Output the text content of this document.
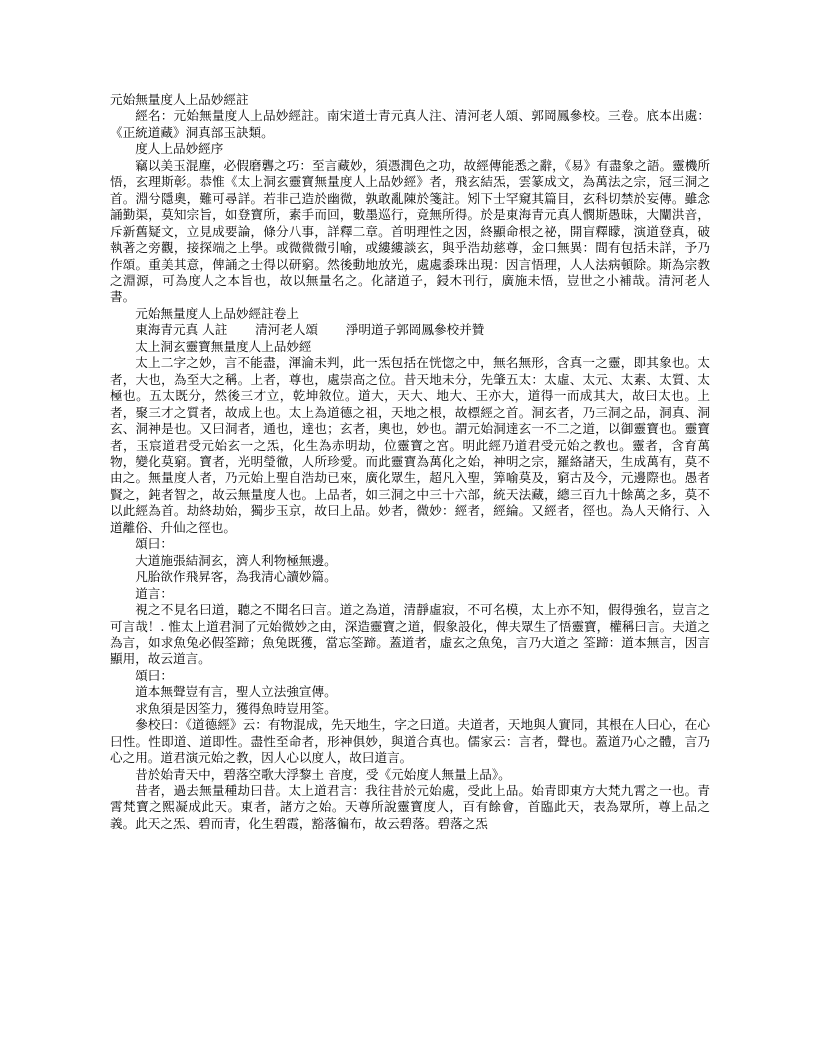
元始無量度人上品妙經註

經名：元始無量度人上品妙經註。南宋道士青元真人注、清河老人頌、郭岡鳳參校。三卷。底本出處：《正統道藏》洞真部玉訣類。

度人上品妙經序

竊以美玉混塵，必假磨礱之巧：至言藏妙，須憑潤色之功，故經傳能悉之辭，《易》有盡象之語。靈機所悟，玄理斯彰。恭惟《太上洞玄靈寶無量度人上品妙經》者，飛玄結炁，雲篆成文，為萬法之宗，冠三洞之首。淵兮隱奧，難可尋詳。若非己造於幽微，孰敢亂陳於箋註。矧下士罕窺其篇目，玄科切禁於妄傳。雖念誦勤渠，莫知宗旨，如登寶所，素手而回，數墨巡行，竟無所得。於是東海青元真人憫斯愚昧，大闡洪音，斥新舊疑文，立見成要論，條分八事，詳釋二章。首明理性之因，終顯命根之祕，開盲釋矇，演道登真，破執著之旁觀，接探端之上學。或微微微引喻，或縷縷談玄，與乎浩劫慈尊，金口無異：間有包括未詳，予乃作頌。重美其意，俾誦之士得以研窮。然後動地放光，處處黍珠出現：因言悟理，人人法病頓除。斯為宗教之淵源，可為度人之本旨也，故以無量名之。化諸道子，鋟木刊行，廣施未悟，豈世之小補哉。清河老人書。

元始無量度人上品妙經註卷上

東海青元真 人註 清河老人頌 淨明道子郭岡鳳參校并贊

太上洞玄靈寶無量度人上品妙經

太上二字之妙，言不能盡，渾淪未判，此一炁包括在恍惚之中，無名無形，含真一之靈，即其象也。太者，大也，為至大之稱。上者，尊也，處崇高之位。昔天地未分，先肇五太：太虛、太元、太素、太質、太極也。五太既分，然後三才立，乾坤敘位。道大，天大、地大、王亦大，道得一而成其大，故曰太也。上者，聚三才之質者，故成上也。太上為道德之祖，天地之根，故標經之首。洞玄者，乃三洞之品，洞真、洞玄、洞神是也。又曰洞者，通也，達也；玄者，奧也，妙也。謂元始洞達玄一不二之道，以御靈寶也。靈寶者，玉宸道君受元始玄一之炁，化生為赤明劫，位靈寶之宮。明此經乃道君受元始之教也。靈者，含育萬物，變化莫窮。寶者，光明瑩徹，人所珍愛。而此靈寶為萬化之始，神明之宗，羅絡諸天，生成萬有，莫不由之。無量度人者，乃元始上聖自浩劫已來，廣化眾生，超凡入聖，筭喻莫及，窮古及今，元邊際也。愚者賢之，鈍者智之，故云無量度人也。上品者，如三洞之中三十六部，統天法藏，總三百九十餘萬之多，莫不以此經為首。劫終劫始，獨步玉京，故曰上品。妙者，微妙：經者，經綸。又經者，徑也。為人天脩行、入道離俗、升仙之徑也。

頌曰：

大道施張結洞玄，濟人利物極無邊。

凡胎欲作飛昇客，為我清心讀妙篇。

道言：

視之不見名曰道，聽之不聞名曰言。道之為道，清靜虛寂，不可名模，太上亦不知，假得強名，豈言之可言哉！. 惟太上道君洞了元始微妙之由，深造靈寶之道，假象設化，俾夫眾生了悟靈寶，權稱曰言。夫道之為言，如求魚兔必假筌蹄；魚兔既獲，當忘筌蹄。蓋道者，虛玄之魚兔，言乃大道之 筌蹄：道本無言，因言顯用，故云道言。

頌曰：

道本無聲豈有言，聖人立法強宣傳。

求魚須是因筌力，獲得魚時豈用筌。

參校曰：《道德經》云：有物混成，先天地生，字之曰道。夫道者，天地與人實同，其根在人曰心，在心曰性。性即道、道即性。盡性至命者，形神俱妙，與道合真也。儒家云：言者，聲也。蓋道乃心之體，言乃心之用。道君演元始之教，因人心以度人，故曰道言。

昔於始青天中，碧落空歌大浮黎土 音度，受《元始度人無量上品》。

昔者，過去無量種劫曰昔。太上道君言：我往昔於元始處，受此上品。始青即東方大梵九霄之一也。青霄梵寶之熙凝成此天。東者，諸方之始。天尊所說靈寶度人，百有餘會，首臨此天，表為眾所，尊上品之義。此天之炁、碧而青，化生碧霞，豁落徧布，故云碧落。碧落之炁
